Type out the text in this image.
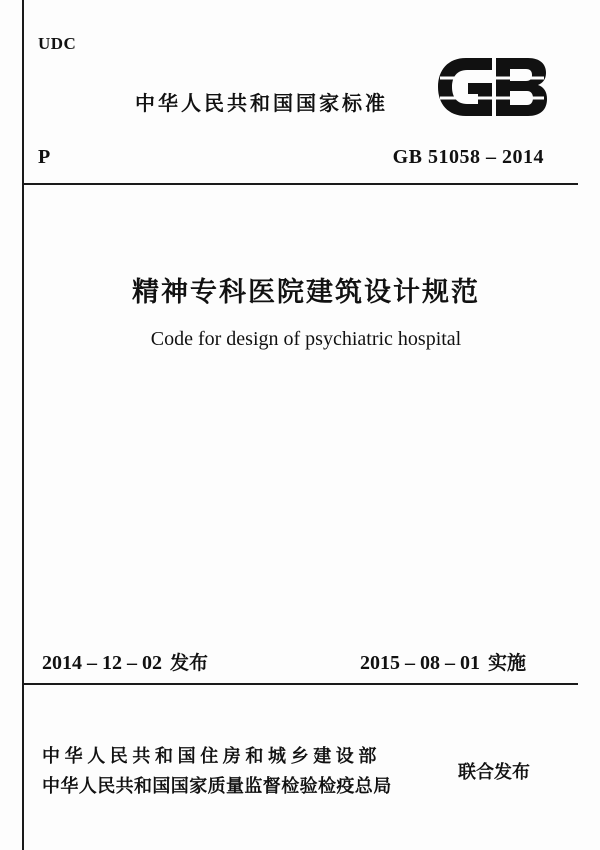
UDC
中华人民共和国国家标准
P	GB 51058 – 2014
精神专科医院建筑设计规范
Code for design of psychiatric hospital
2014 – 12 – 02 发布	2015 – 08 – 01 实施
中华人民共和国住房和城乡建设部
中华人民共和国国家质量监督检验检疫总局
联合发布
